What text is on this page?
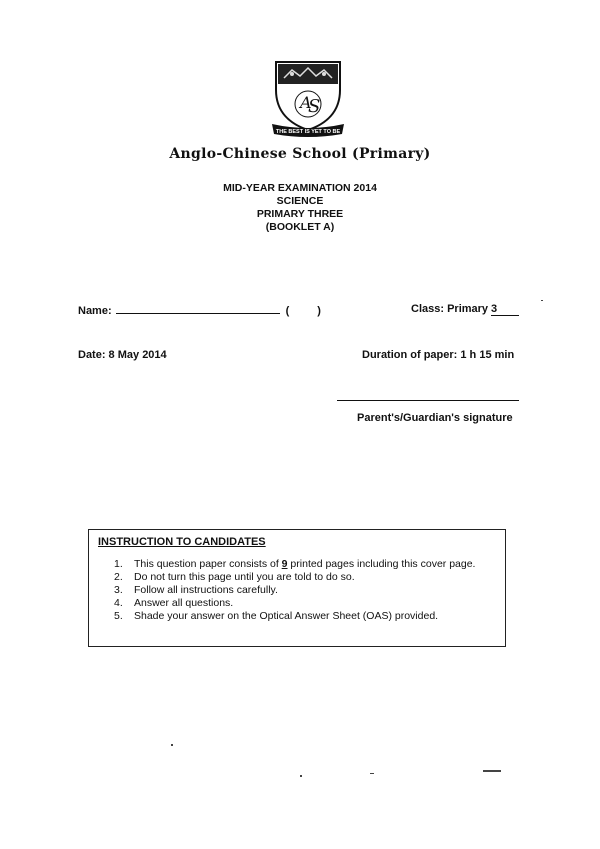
A
S
THE BEST IS YET TO BE
Anglo-Chinese School (Primary)
MID-YEAR EXAMINATION 2014
SCIENCE
PRIMARY THREE
(BOOKLET A)
Name:	(	)	Class: Primary 3
Date: 8 May 2014	Duration of paper: 1 h 15 min
Parent's/Guardian's signature
INSTRUCTION TO CANDIDATES
1. This question paper consists of 9 printed pages including this cover page.
2. Do not turn this page until you are told to do so.
3. Follow all instructions carefully.
4. Answer all questions.
5. Shade your answer on the Optical Answer Sheet (OAS) provided.
